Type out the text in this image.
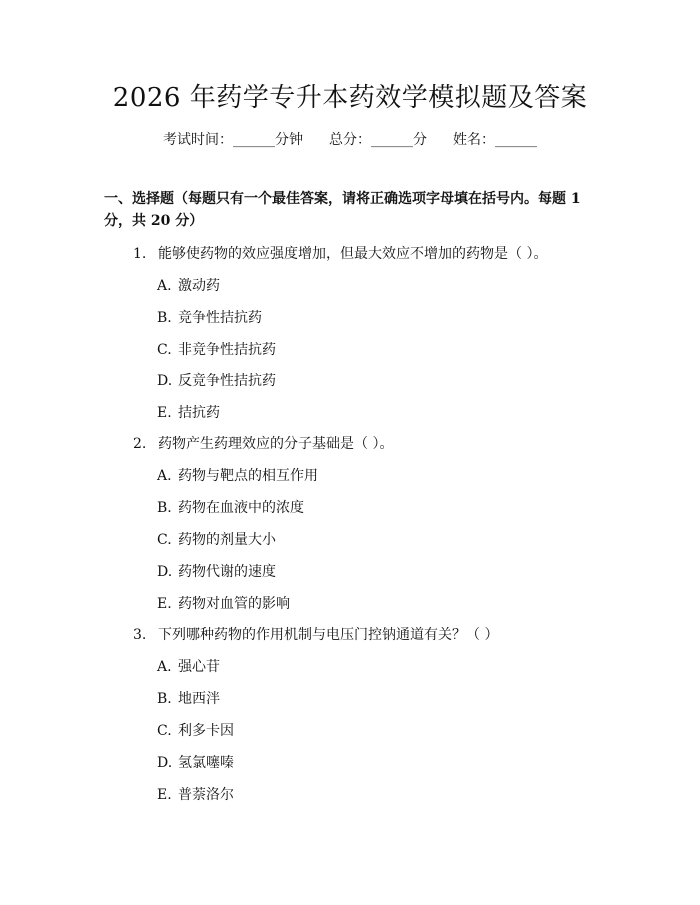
2026 年药学专升本药效学模拟题及答案
考试时间：______分钟 总分：______分 姓名：______
一、选择题（每题只有一个最佳答案，请将正确选项字母填在括号内。每题 1
分，共 20 分）
1. 能够使药物的效应强度增加，但最大效应不增加的药物是（ ）。
A. 激动药
B. 竞争性拮抗药
C. 非竞争性拮抗药
D. 反竞争性拮抗药
E. 拮抗药
2. 药物产生药理效应的分子基础是（ ）。
A. 药物与靶点的相互作用
B. 药物在血液中的浓度
C. 药物的剂量大小
D. 药物代谢的速度
E. 药物对血管的影响
3. 下列哪种药物的作用机制与电压门控钠通道有关？（ ）
A. 强心苷
B. 地西泮
C. 利多卡因
D. 氢氯噻嗪
E. 普萘洛尔
